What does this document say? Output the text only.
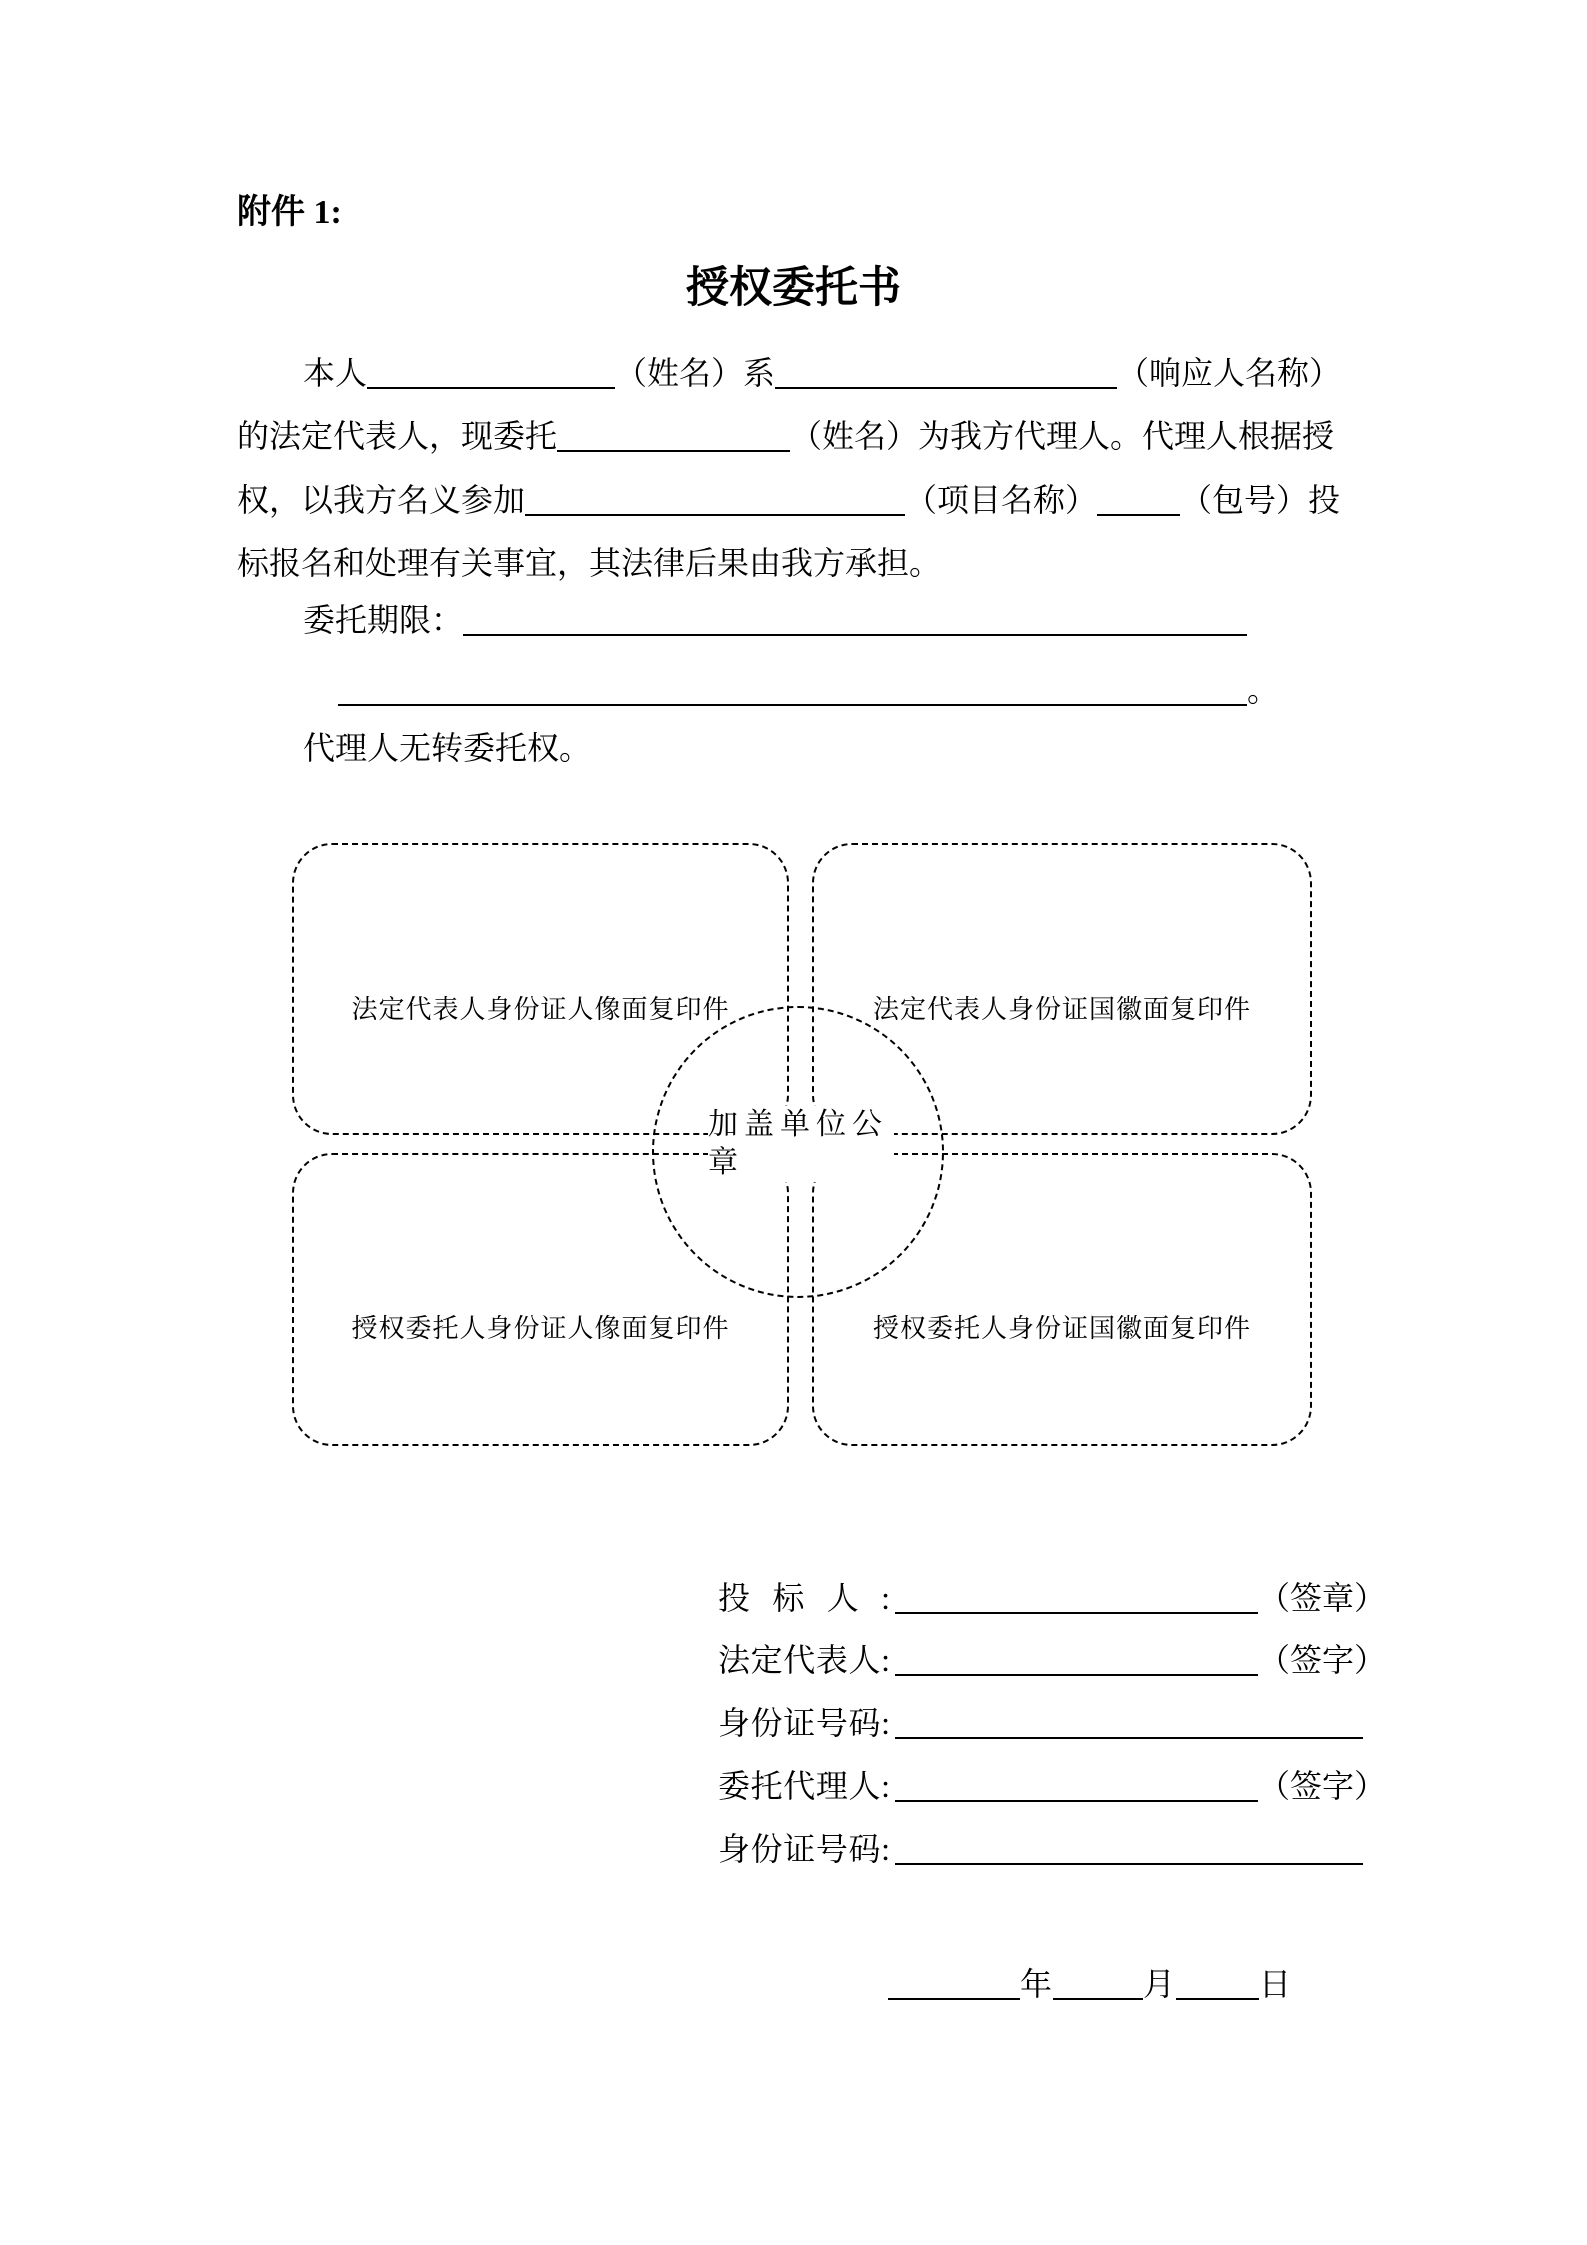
附件 1:
授权委托书
本人	（姓名）系	（响应人名称）
的法定代表人，现委托	（姓名）为我方代理人。代理人根据授
权，以我方名义参加	（项目名称）	（包号）投
标报名和处理有关事宜，其法律后果由我方承担。
委托期限：
。
代理人无转委托权。
法定代表人身份证人像面复印件	法定代表人身份证国徽面复印件
授权委托人身份证人像面复印件	授权委托人身份证国徽面复印件
加盖单位公
章
投标人:	（签章）
法定代表人:	（签字）
身份证号码:
委托代理人:	（签字）
身份证号码:
年	月	日
